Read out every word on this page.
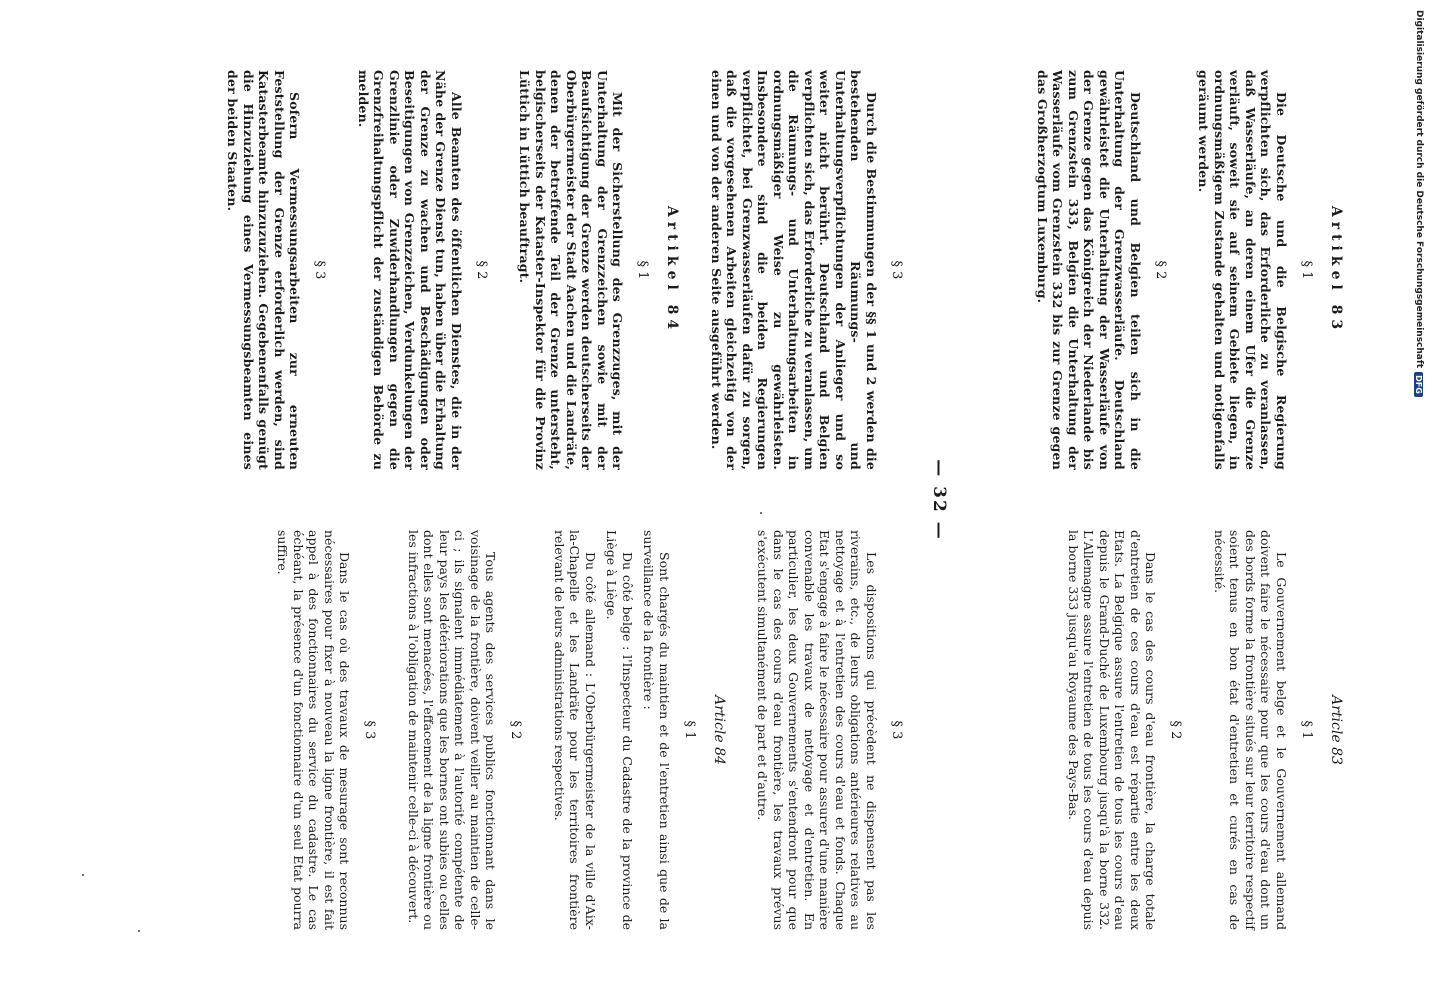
Digitalisierung gefördert durch die Deutsche Forschungsgemeinschaft
DFG
— 32 —
Artikel 83
§ 1

Die Deutsche und die Belgische Regierung verpflichten sich, das Erforderliche zu veranlassen, daß Wasserläufe, an deren einem Ufer die Grenze verläuft, soweit sie auf seinem Gebiete liegen, in ordnungsmäßigem Zustande gehalten und notigenfalls geräumt werden.

§ 2

Deutschland und Belgien teilen sich in die Unterhaltung der Grenzwasserläufe. Deutschland gewährleistet die Unterhaltung der Wasserläufe von der Grenze gegen das Königreich der Niederlande bis zum Grenzstein 333, Belgien die Unterhaltung der Wasserläufe vom Grenzstein 332 bis zur Grenze gegen das Großherzogtum Luxemburg.

§ 3

Durch die Bestimmungen der §§ 1 und 2 werden die bestehenden Räumungs- und Unterhaltungsverpflichtungen der Anlieger und so weiter nicht berührt. Deutschland und Belgien verpflichten sich, das Erforderliche zu veranlassen, um die Räumungs- und Unterhaltungsarbeiten in ordnungsmäßiger Weise zu gewährleisten. Insbesondere sind die beiden Regierungen verpflichtet, bei Grenzwasserläufen dafür zu sorgen, daß die vorgesehenen Arbeiten gleichzeitig von der einen und von der anderen Seite ausgeführt werden.

Artikel 84
§ 1

Mit der Sicherstellung des Grenzzuges, mit der Unterhaltung der Grenzzeichen sowie mit der Beaufsichtigung der Grenze werden deutscherseits der Oberbürgermeister der Stadt Aachen und die Landräte, denen der betreffende Teil der Grenze untersteht, belgischerseits der Kataster-Inspektor für die Provinz Lüttich in Lüttich beauftragt.

§ 2

Alle Beamten des öffentlichen Dienstes, die in der Nähe der Grenze Dienst tun, haben über die Erhaltung der Grenze zu wachen und Beschädigungen oder Beseitigungen von Grenzzeichen, Verdunkelungen der Grenzlinie oder Zuwiderhandlungen gegen die Grenzfreihaltungspflicht der zuständigen Behörde zu melden.

§ 3

Sofern Vermessungsarbeiten zur erneuten Feststellung der Grenze erforderlich werden, sind Katasterbeamte hinzuzuziehen. Gegebenenfalls genügt die Hinzuziehung eines Vermessungsbeamten eines der beiden Staaten.

Article 83
§ 1

Le Gouvernement belge et le Gouvernement allemand doivent faire le nécessaire pour que les cours d'eau dont un des bords forme la frontière situés sur leur territoire respectif soient tenus en bon état d'entretien et curés en cas de nécessité.

§ 2

Dans le cas des cours d'eau frontière, la charge totale d'entretien de ces cours d'eau est répartie entre les deux Etats. La Belgique assure l'entretien de tous les cours d'eau depuis le Grand-Duché de Luxembourg jusqu'à la borne 332. L'Allemagne assure l'entretien de tous les cours d'eau depuis la borne 333 jusqu'au Royaume des Pays-Bas.

§ 3

Les dispositions qui précèdent ne dispensent pas les riverains, etc., de leurs obligations antérieures relatives au nettoyage et à l'entretien des cours d'eau et fonds. Chaque Etat s'engage à faire le nécessaire pour assurer d'une manière convenable les travaux de nettoyage et d'entretien. En particulier, les deux Gouvernements s'entendront pour que dans le cas des cours d'eau frontière, les travaux prévus s'exécutent simultanément de part et d'autre.

Article 84
§ 1

Sont chargés du maintien et de l'entretien ainsi que de la surveillance de la frontière :

Du côté belge : l'Inspecteur du Cadastre de la province de Liège à Liège.

Du côté allemand : L'Oberbürgermeister de la ville d'Aix-la-Chapelle et les Landräte pour les territoires frontière relevant de leurs administrations respectives.

§ 2

Tous agents des services publics fonctionnant dans le voisinage de la frontière, doivent veiller au maintien de celle-ci ; ils signalent immédiatement à l'autorité compétente de leur pays les détériorations que les bornes ont subies ou celles dont elles sont menacées, l'effacement de la ligne frontière ou les infractions à l'obligation de maintenir celle-ci à découvert.

§ 3

Dans le cas où des travaux de mesurage sont reconnus nécessaires pour fixer à nouveau la ligne frontière, il est fait appel à des fonctionnaires du service du cadastre. Le cas échéant, la présence d'un fonctionnaire d'un seul Etat pourra suffire.
